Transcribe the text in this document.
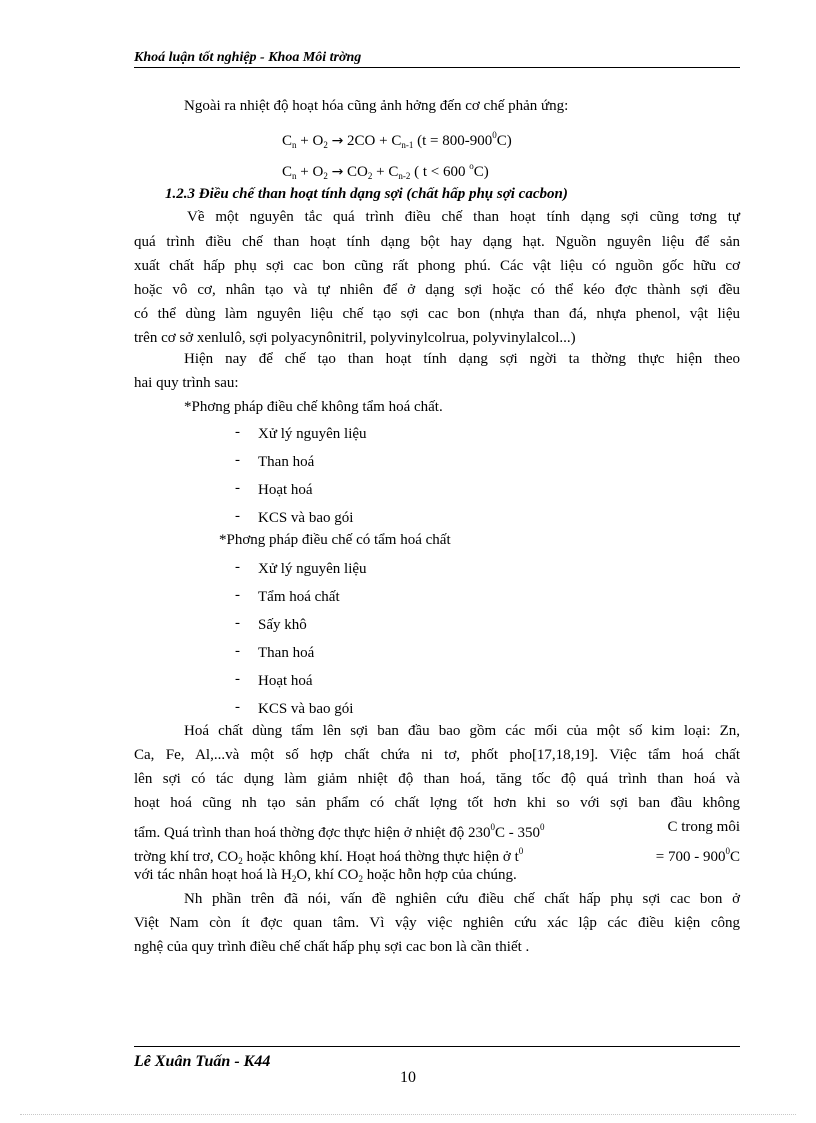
Khoá luận tốt nghiệp - Khoa Môi trờng
Ngoài ra nhiệt độ hoạt hóa cũng ảnh hởng đến cơ chế phản ứng:
$C_n + O_2 \to 2CO + C_{n-1}$ $(t = 800-900^0C)$
$C_n + O_2 \to CO_2 + C_{n-2}$ ( t < 600 $^o$C)
1.2.3 Điều chế than hoạt tính dạng sợi (chất hấp phụ sợi cacbon)
Về một nguyên tắc quá trình điều chế than hoạt tính dạng sợi cũng tơng tự
quá trình điều chế than hoạt tính dạng bột hay dạng hạt. Nguồn nguyên liệu để sản
xuất chất hấp phụ sợi cac bon cũng rất phong phú. Các vật liệu có nguồn gốc hữu cơ
hoặc vô cơ, nhân tạo và tự nhiên để ở dạng sợi hoặc có thể kéo đợc thành sợi đều
có thể dùng làm nguyên liệu chế tạo sợi cac bon (nhựa than đá, nhựa phenol, vật liệu
trên cơ sở xenlulô, sợi polyacynônitril, polyvinylcolrua, polyvinylalcol...)
Hiện nay để chế tạo than hoạt tính dạng sợi ngời ta thờng thực hiện theo
hai quy trình sau:
*Phơng pháp điều chế không tẩm hoá chất.
- Xử lý nguyên liệu
- Than hoá
- Hoạt hoá
- KCS và bao gói
*Phơng pháp điều chế có tẩm hoá chất
- Xử lý nguyên liệu
- Tẩm hoá chất
- Sấy khô
- Than hoá
- Hoạt hoá
- KCS và bao gói
Hoá chất dùng tẩm lên sợi ban đầu bao gồm các mối của một số kim loại: Zn,
Ca, Fe, Al,...và một số hợp chất chứa ni tơ, phốt pho[17,18,19]. Việc tẩm hoá chất
lên sợi có tác dụng làm giảm nhiệt độ than hoá, tăng tốc độ quá trình than hoá và
hoạt hoá cũng nh tạo sản phẩm có chất lợng tốt hơn khi so với sợi ban đầu không
tẩm. Quá trình than hoá thờng đợc thực hiện ở nhiệt độ $230^0C - 350^0$	C trong môi
trờng khí trơ, $CO_2$ hoặc không khí. Hoạt hoá thờng thực hiện ở $t^0$	= $700 - 900^0C$
với tác nhân hoạt hoá là $H_2O$, khí $CO_2$ hoặc hỗn hợp của chúng.
Nh phần trên đã nói, vấn đề nghiên cứu điều chế chất hấp phụ sợi cac bon ở
Việt Nam còn ít đợc quan tâm. Vì vậy việc nghiên cứu xác lập các điều kiện công
nghệ của quy trình điều chế chất hấp phụ sợi cac bon là cần thiết .
Lê Xuân Tuấn - K44
10
